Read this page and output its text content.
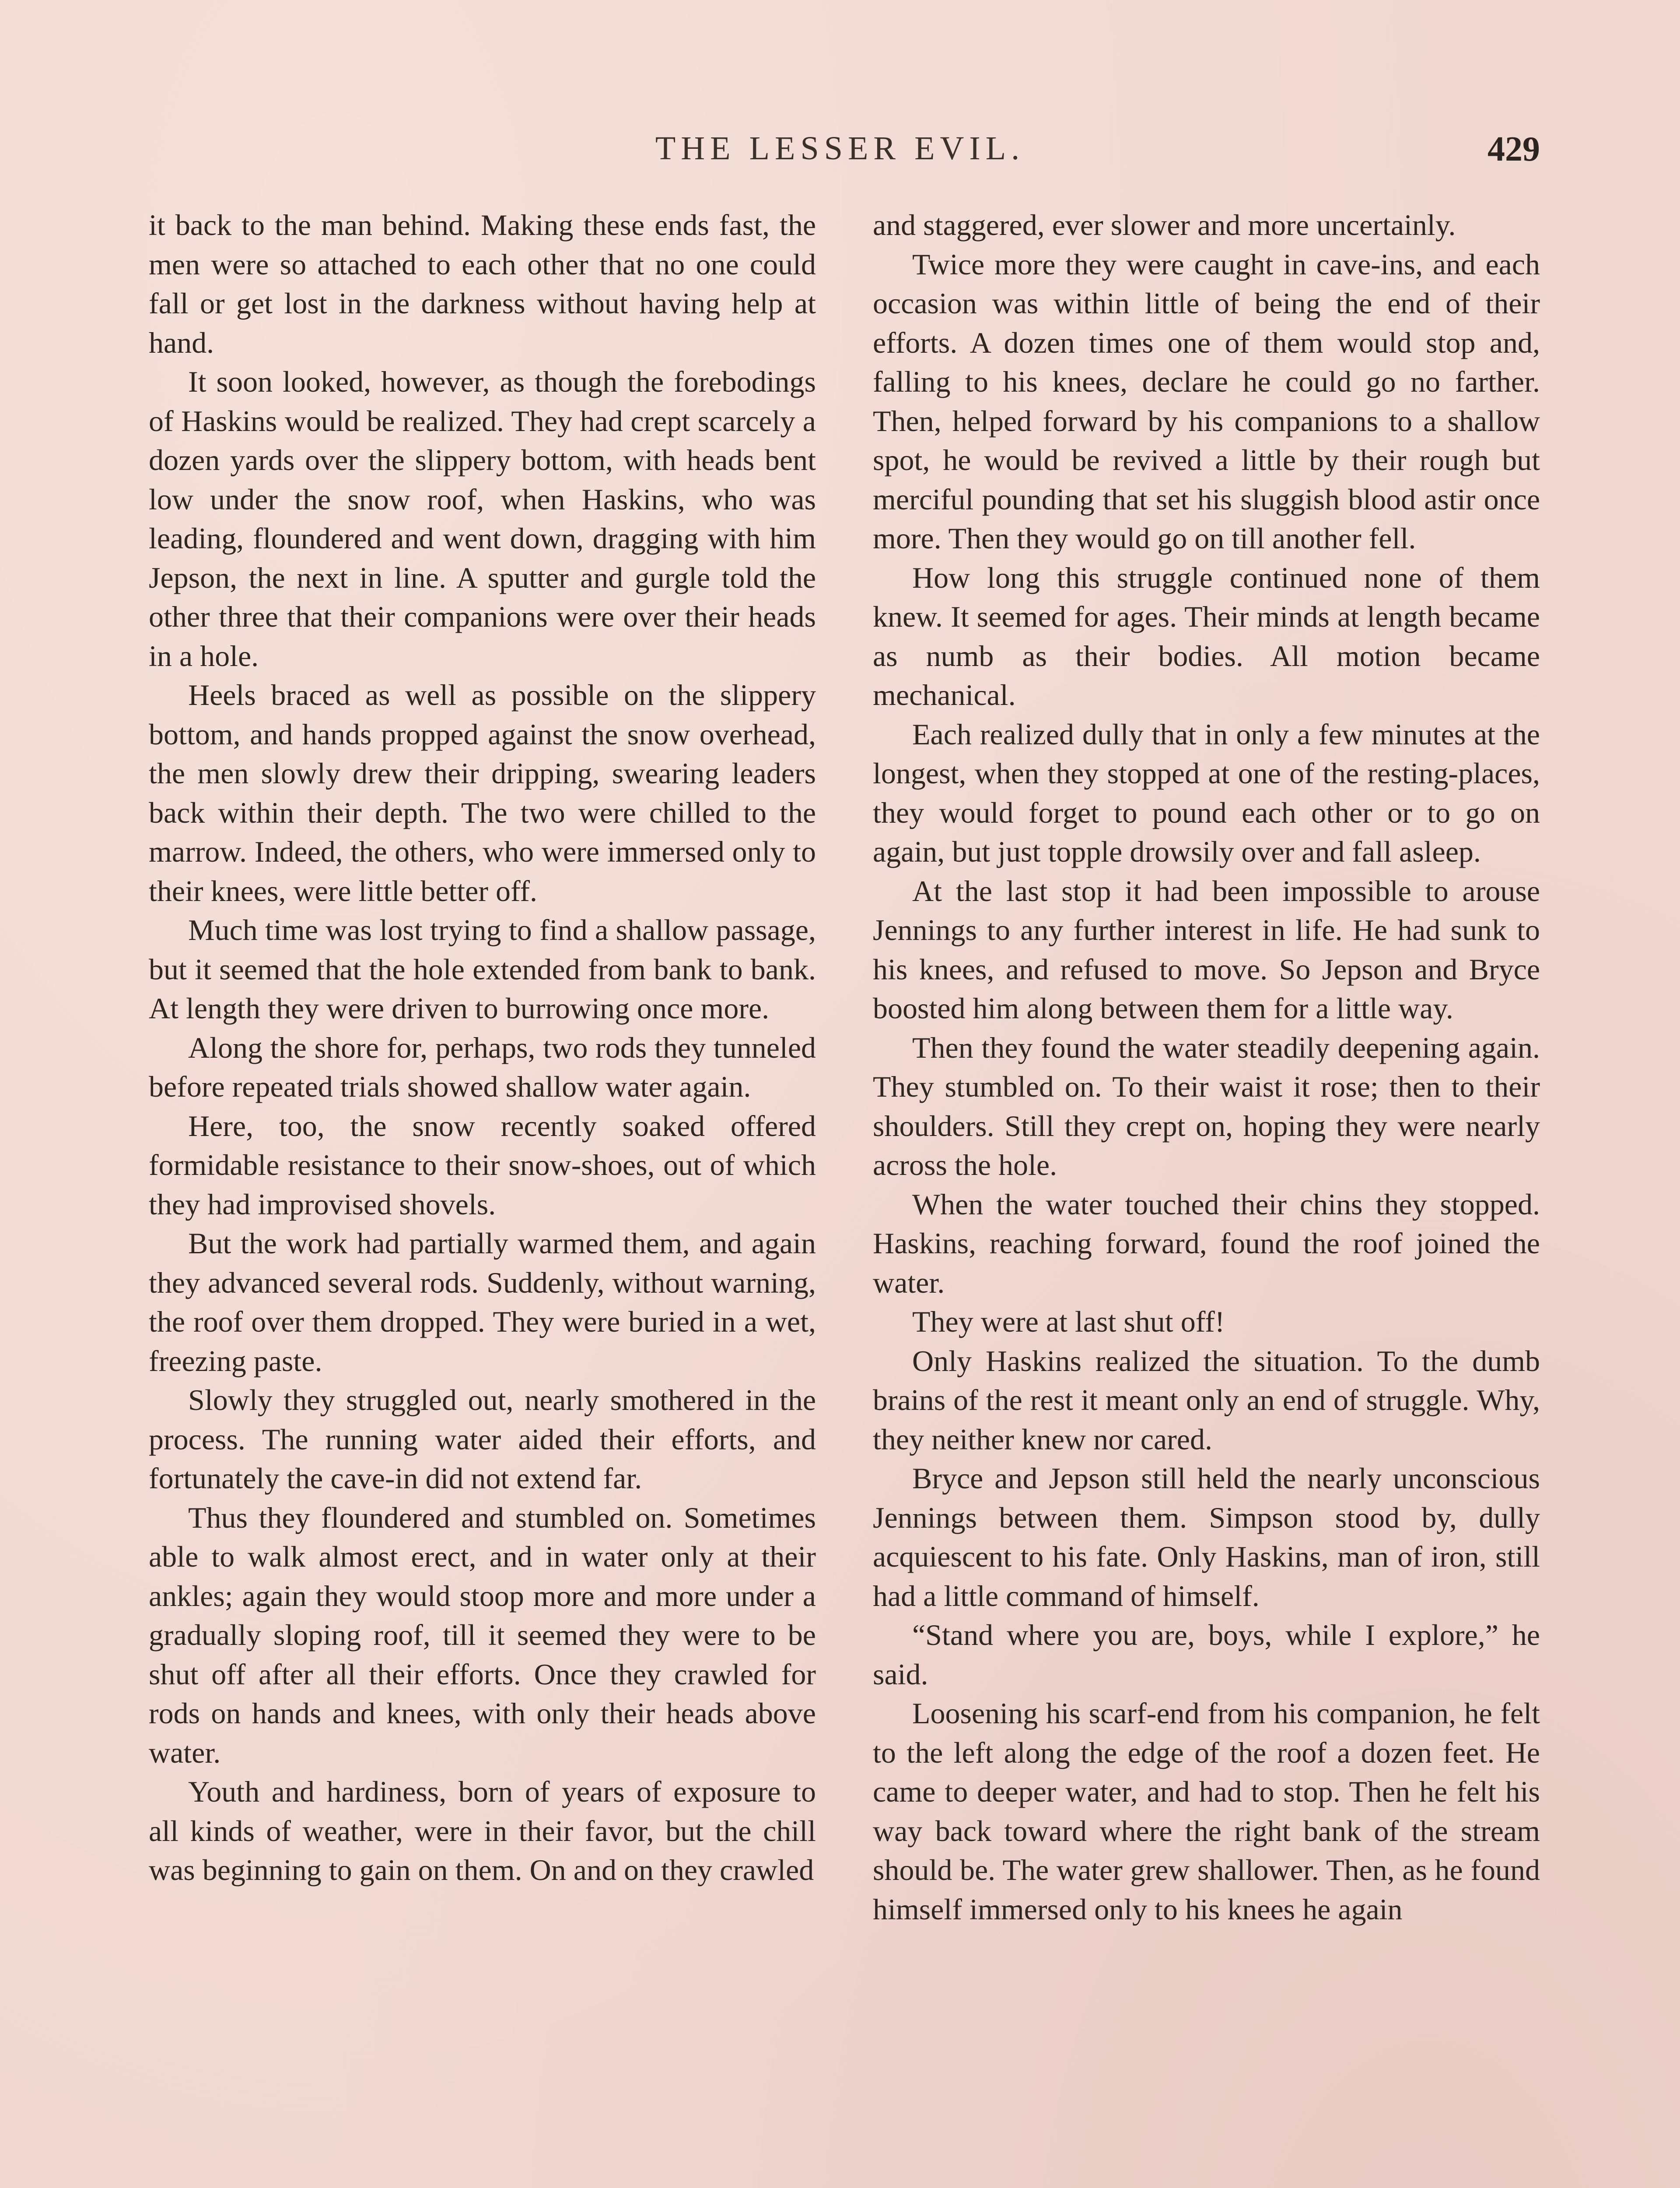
THE LESSER EVIL.	429

it back to the man behind. Making these ends fast, the men were so attached to each other that no one could fall or get lost in the darkness without having help at hand.

It soon looked, however, as though the forebodings of Haskins would be realized. They had crept scarcely a dozen yards over the slippery bottom, with heads bent low under the snow roof, when Haskins, who was leading, floundered and went down, dragging with him Jepson, the next in line. A sputter and gurgle told the other three that their companions were over their heads in a hole.

Heels braced as well as possible on the slippery bottom, and hands propped against the snow overhead, the men slowly drew their dripping, swearing leaders back within their depth. The two were chilled to the marrow. Indeed, the others, who were immersed only to their knees, were little better off.

Much time was lost trying to find a shallow passage, but it seemed that the hole extended from bank to bank. At length they were driven to burrowing once more.

Along the shore for, perhaps, two rods they tunneled before repeated trials showed shallow water again.

Here, too, the snow recently soaked offered formidable resistance to their snow-shoes, out of which they had improvised shovels.

But the work had partially warmed them, and again they advanced several rods. Suddenly, without warning, the roof over them dropped. They were buried in a wet, freezing paste.

Slowly they struggled out, nearly smothered in the process. The running water aided their efforts, and fortunately the cave-in did not extend far.

Thus they floundered and stumbled on. Sometimes able to walk almost erect, and in water only at their ankles; again they would stoop more and more under a gradually sloping roof, till it seemed they were to be shut off after all their efforts. Once they crawled for rods on hands and knees, with only their heads above water.

Youth and hardiness, born of years of exposure to all kinds of weather, were in their favor, but the chill was beginning to gain on them. On and on they crawled

and staggered, ever slower and more uncertainly.

Twice more they were caught in cave-ins, and each occasion was within little of being the end of their efforts. A dozen times one of them would stop and, falling to his knees, declare he could go no farther. Then, helped forward by his companions to a shallow spot, he would be revived a little by their rough but merciful pounding that set his sluggish blood astir once more. Then they would go on till another fell.

How long this struggle continued none of them knew. It seemed for ages. Their minds at length became as numb as their bodies. All motion became mechanical.

Each realized dully that in only a few minutes at the longest, when they stopped at one of the resting-places, they would forget to pound each other or to go on again, but just topple drowsily over and fall asleep.

At the last stop it had been impossible to arouse Jennings to any further interest in life. He had sunk to his knees, and refused to move. So Jepson and Bryce boosted him along between them for a little way.

Then they found the water steadily deepening again. They stumbled on. To their waist it rose; then to their shoulders. Still they crept on, hoping they were nearly across the hole.

When the water touched their chins they stopped. Haskins, reaching forward, found the roof joined the water.

They were at last shut off!

Only Haskins realized the situation. To the dumb brains of the rest it meant only an end of struggle. Why, they neither knew nor cared.

Bryce and Jepson still held the nearly unconscious Jennings between them. Simpson stood by, dully acquiescent to his fate. Only Haskins, man of iron, still had a little command of himself.

“Stand where you are, boys, while I explore,” he said.

Loosening his scarf-end from his companion, he felt to the left along the edge of the roof a dozen feet. He came to deeper water, and had to stop. Then he felt his way back toward where the right bank of the stream should be. The water grew shallower. Then, as he found himself immersed only to his knees he again
